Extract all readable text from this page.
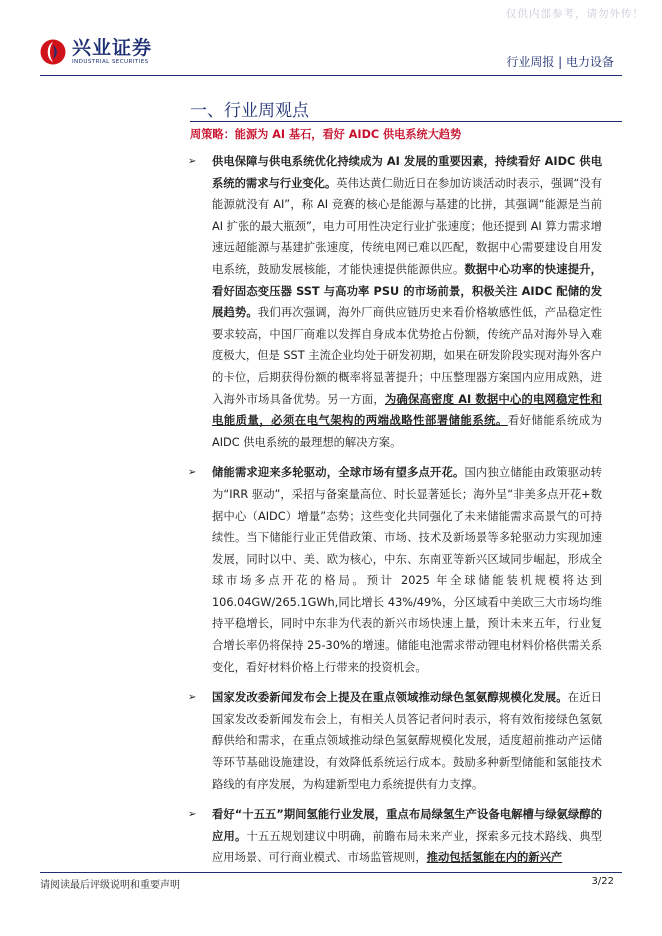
仅供内部参考，请勿外传！
兴业证券
INDUSTRIAL SECURITIES	行业周报 | 电力设备
一、行业周观点
周策略：能源为 AI 基石，看好 AIDC 供电系统大趋势
➢ 供电保障与供电系统优化持续成为 AI 发展的重要因素，持续看好 AIDC 供电系统的需求与行业变化。英伟达黄仁勋近日在参加访谈活动时表示，强调“没有能源就没有 AI”，称 AI 竞赛的核心是能源与基建的比拼，其强调“能源是当前 AI 扩张的最大瓶颈”，电力可用性决定行业扩张速度；他还提到 AI 算力需求增速远超能源与基建扩张速度，传统电网已难以匹配，数据中心需要建设自用发电系统，鼓励发展核能，才能快速提供能源供应。数据中心功率的快速提升，看好固态变压器 SST 与高功率 PSU 的市场前景，积极关注 AIDC 配储的发展趋势。我们再次强调，海外厂商供应链历史来看价格敏感性低，产品稳定性要求较高，中国厂商难以发挥自身成本优势抢占份额，传统产品对海外导入难度极大，但是 SST 主流企业均处于研发初期，如果在研发阶段实现对海外客户的卡位，后期获得份额的概率将显著提升；中压整理器方案国内应用成熟，进入海外市场具备优势。另一方面，为确保高密度 AI 数据中心的电网稳定性和电能质量，必须在电气架构的两端战略性部署储能系统。看好储能系统成为 AIDC 供电系统的最理想的解决方案。
➢ 储能需求迎来多轮驱动，全球市场有望多点开花。国内独立储能由政策驱动转为“IRR 驱动”，采招与备案量高位、时长显著延长；海外呈“非美多点开花+数据中心（AIDC）增量”态势；这些变化共同强化了未来储能需求高景气的可持续性。当下储能行业正凭借政策、市场、技术及新场景等多轮驱动力实现加速发展，同时以中、美、欧为核心，中东、东南亚等新兴区域同步崛起，形成全球市场多点开花的格局。预计 2025 年全球储能装机规模将达到 106.04GW/265.1GWh,同比增长 43%/49%，分区域看中美欧三大市场均维持平稳增长，同时中东非为代表的新兴市场快速上量，预计未来五年，行业复合增长率仍将保持 25-30%的增速。储能电池需求带动锂电材料价格供需关系变化，看好材料价格上行带来的投资机会。
➢ 国家发改委新闻发布会上提及在重点领域推动绿色氢氨醇规模化发展。在近日国家发改委新闻发布会上，有相关人员答记者问时表示，将有效衔接绿色氢氨醇供给和需求，在重点领域推动绿色氢氨醇规模化发展，适度超前推动产运储等环节基础设施建设，有效降低系统运行成本。鼓励多种新型储能和氢能技术路线的有序发展，为构建新型电力系统提供有力支撑。
➢ 看好“十五五”期间氢能行业发展，重点布局绿氢生产设备电解槽与绿氨绿醇的应用。十五五规划建议中明确，前瞻布局未来产业，探索多元技术路线、典型应用场景、可行商业模式、市场监管规则，推动包括氢能在内的新兴产
请阅读最后评级说明和重要声明	3/22
